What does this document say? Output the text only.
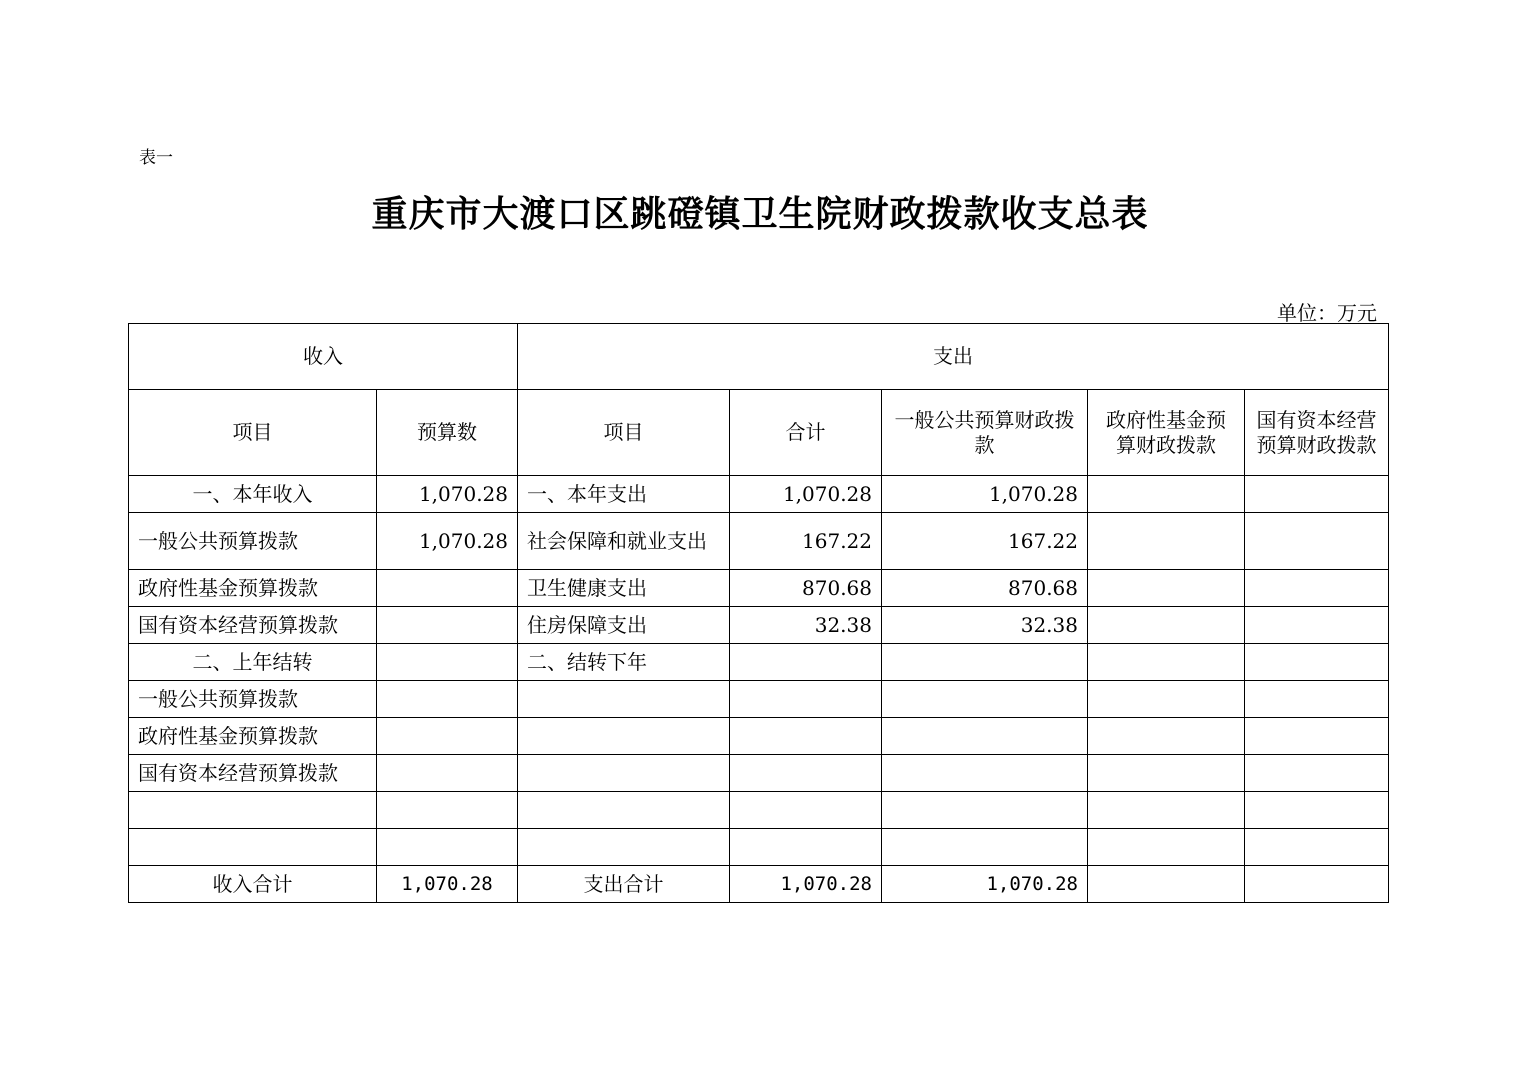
表一
重庆市大渡口区跳磴镇卫生院财政拨款收支总表
单位：万元
收入		支出				
项目	预算数	项目	合计	一般公共预算财政拨款	政府性基金预算财政拨款	国有资本经营预算财政拨款
一、本年收入	1,070.28	一、本年支出	1,070.28	1,070.28		
一般公共预算拨款	1,070.28	社会保障和就业支出	167.22	167.22		
政府性基金预算拨款		卫生健康支出	870.68	870.68		
国有资本经营预算拨款		住房保障支出	32.38	32.38		
二、上年结转		二、结转下年				
一般公共预算拨款						
政府性基金预算拨款						
国有资本经营预算拨款						

收入合计	1,070.28	支出合计	1,070.28	1,070.28		
